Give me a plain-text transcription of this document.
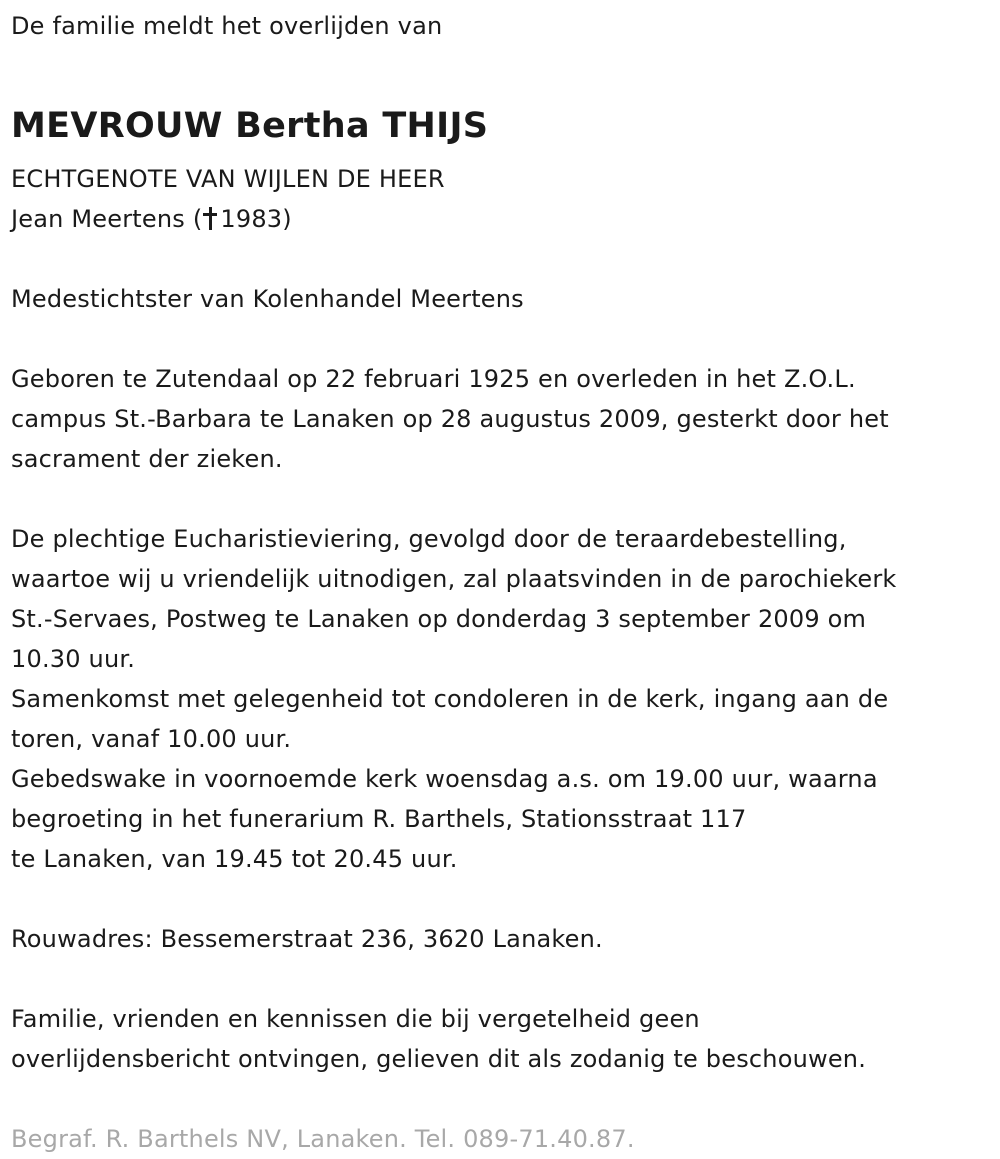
De familie meldt het overlijden van
MEVROUW Bertha THIJS
ECHTGENOTE VAN WIJLEN DE HEER
Jean Meertens ( 1983)
Medestichtster van Kolenhandel Meertens
Geboren te Zutendaal op 22 februari 1925 en overleden in het Z.O.L.
campus St.-Barbara te Lanaken op 28 augustus 2009, gesterkt door het
sacrament der zieken.
De plechtige Eucharistieviering, gevolgd door de teraardebestelling,
waartoe wij u vriendelijk uitnodigen, zal plaatsvinden in de parochiekerk
St.-Servaes, Postweg te Lanaken op donderdag 3 september 2009 om
10.30 uur.
Samenkomst met gelegenheid tot condoleren in de kerk, ingang aan de
toren, vanaf 10.00 uur.
Gebedswake in voornoemde kerk woensdag a.s. om 19.00 uur, waarna
begroeting in het funerarium R. Barthels, Stationsstraat 117
te Lanaken, van 19.45 tot 20.45 uur.
Rouwadres: Bessemerstraat 236, 3620 Lanaken.
Familie, vrienden en kennissen die bij vergetelheid geen
overlijdensbericht ontvingen, gelieven dit als zodanig te beschouwen.
Begraf. R. Barthels NV, Lanaken. Tel. 089-71.40.87.
